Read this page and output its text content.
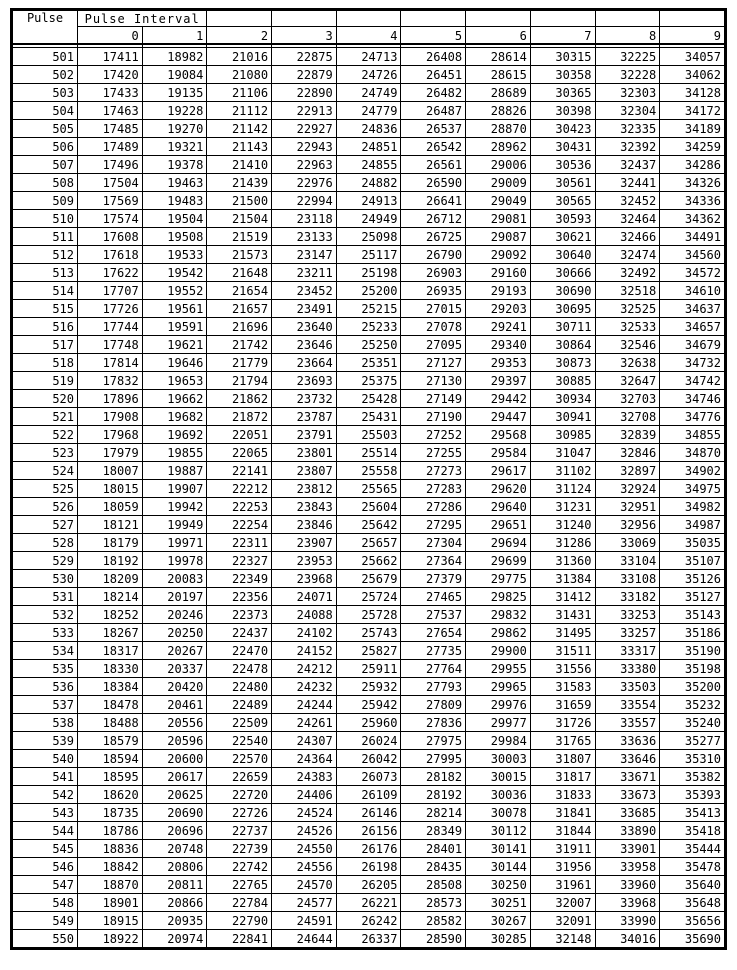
Pulse	Pulse Interval									
	0	1	2	3	4	5	6	7	8	9

501	17411	18982	21016	22875	24713	26408	28614	30315	32225	34057
502	17420	19084	21080	22879	24726	26451	28615	30358	32228	34062
503	17433	19135	21106	22890	24749	26482	28689	30365	32303	34128
504	17463	19228	21112	22913	24779	26487	28826	30398	32304	34172
505	17485	19270	21142	22927	24836	26537	28870	30423	32335	34189
506	17489	19321	21143	22943	24851	26542	28962	30431	32392	34259
507	17496	19378	21410	22963	24855	26561	29006	30536	32437	34286
508	17504	19463	21439	22976	24882	26590	29009	30561	32441	34326
509	17569	19483	21500	22994	24913	26641	29049	30565	32452	34336
510	17574	19504	21504	23118	24949	26712	29081	30593	32464	34362
511	17608	19508	21519	23133	25098	26725	29087	30621	32466	34491
512	17618	19533	21573	23147	25117	26790	29092	30640	32474	34560
513	17622	19542	21648	23211	25198	26903	29160	30666	32492	34572
514	17707	19552	21654	23452	25200	26935	29193	30690	32518	34610
515	17726	19561	21657	23491	25215	27015	29203	30695	32525	34637
516	17744	19591	21696	23640	25233	27078	29241	30711	32533	34657
517	17748	19621	21742	23646	25250	27095	29340	30864	32546	34679
518	17814	19646	21779	23664	25351	27127	29353	30873	32638	34732
519	17832	19653	21794	23693	25375	27130	29397	30885	32647	34742
520	17896	19662	21862	23732	25428	27149	29442	30934	32703	34746
521	17908	19682	21872	23787	25431	27190	29447	30941	32708	34776
522	17968	19692	22051	23791	25503	27252	29568	30985	32839	34855
523	17979	19855	22065	23801	25514	27255	29584	31047	32846	34870
524	18007	19887	22141	23807	25558	27273	29617	31102	32897	34902
525	18015	19907	22212	23812	25565	27283	29620	31124	32924	34975
526	18059	19942	22253	23843	25604	27286	29640	31231	32951	34982
527	18121	19949	22254	23846	25642	27295	29651	31240	32956	34987
528	18179	19971	22311	23907	25657	27304	29694	31286	33069	35035
529	18192	19978	22327	23953	25662	27364	29699	31360	33104	35107
530	18209	20083	22349	23968	25679	27379	29775	31384	33108	35126
531	18214	20197	22356	24071	25724	27465	29825	31412	33182	35127
532	18252	20246	22373	24088	25728	27537	29832	31431	33253	35143
533	18267	20250	22437	24102	25743	27654	29862	31495	33257	35186
534	18317	20267	22470	24152	25827	27735	29900	31511	33317	35190
535	18330	20337	22478	24212	25911	27764	29955	31556	33380	35198
536	18384	20420	22480	24232	25932	27793	29965	31583	33503	35200
537	18478	20461	22489	24244	25942	27809	29976	31659	33554	35232
538	18488	20556	22509	24261	25960	27836	29977	31726	33557	35240
539	18579	20596	22540	24307	26024	27975	29984	31765	33636	35277
540	18594	20600	22570	24364	26042	27995	30003	31807	33646	35310
541	18595	20617	22659	24383	26073	28182	30015	31817	33671	35382
542	18620	20625	22720	24406	26109	28192	30036	31833	33673	35393
543	18735	20690	22726	24524	26146	28214	30078	31841	33685	35413
544	18786	20696	22737	24526	26156	28349	30112	31844	33890	35418
545	18836	20748	22739	24550	26176	28401	30141	31911	33901	35444
546	18842	20806	22742	24556	26198	28435	30144	31956	33958	35478
547	18870	20811	22765	24570	26205	28508	30250	31961	33960	35640
548	18901	20866	22784	24577	26221	28573	30251	32007	33968	35648
549	18915	20935	22790	24591	26242	28582	30267	32091	33990	35656
550	18922	20974	22841	24644	26337	28590	30285	32148	34016	35690
